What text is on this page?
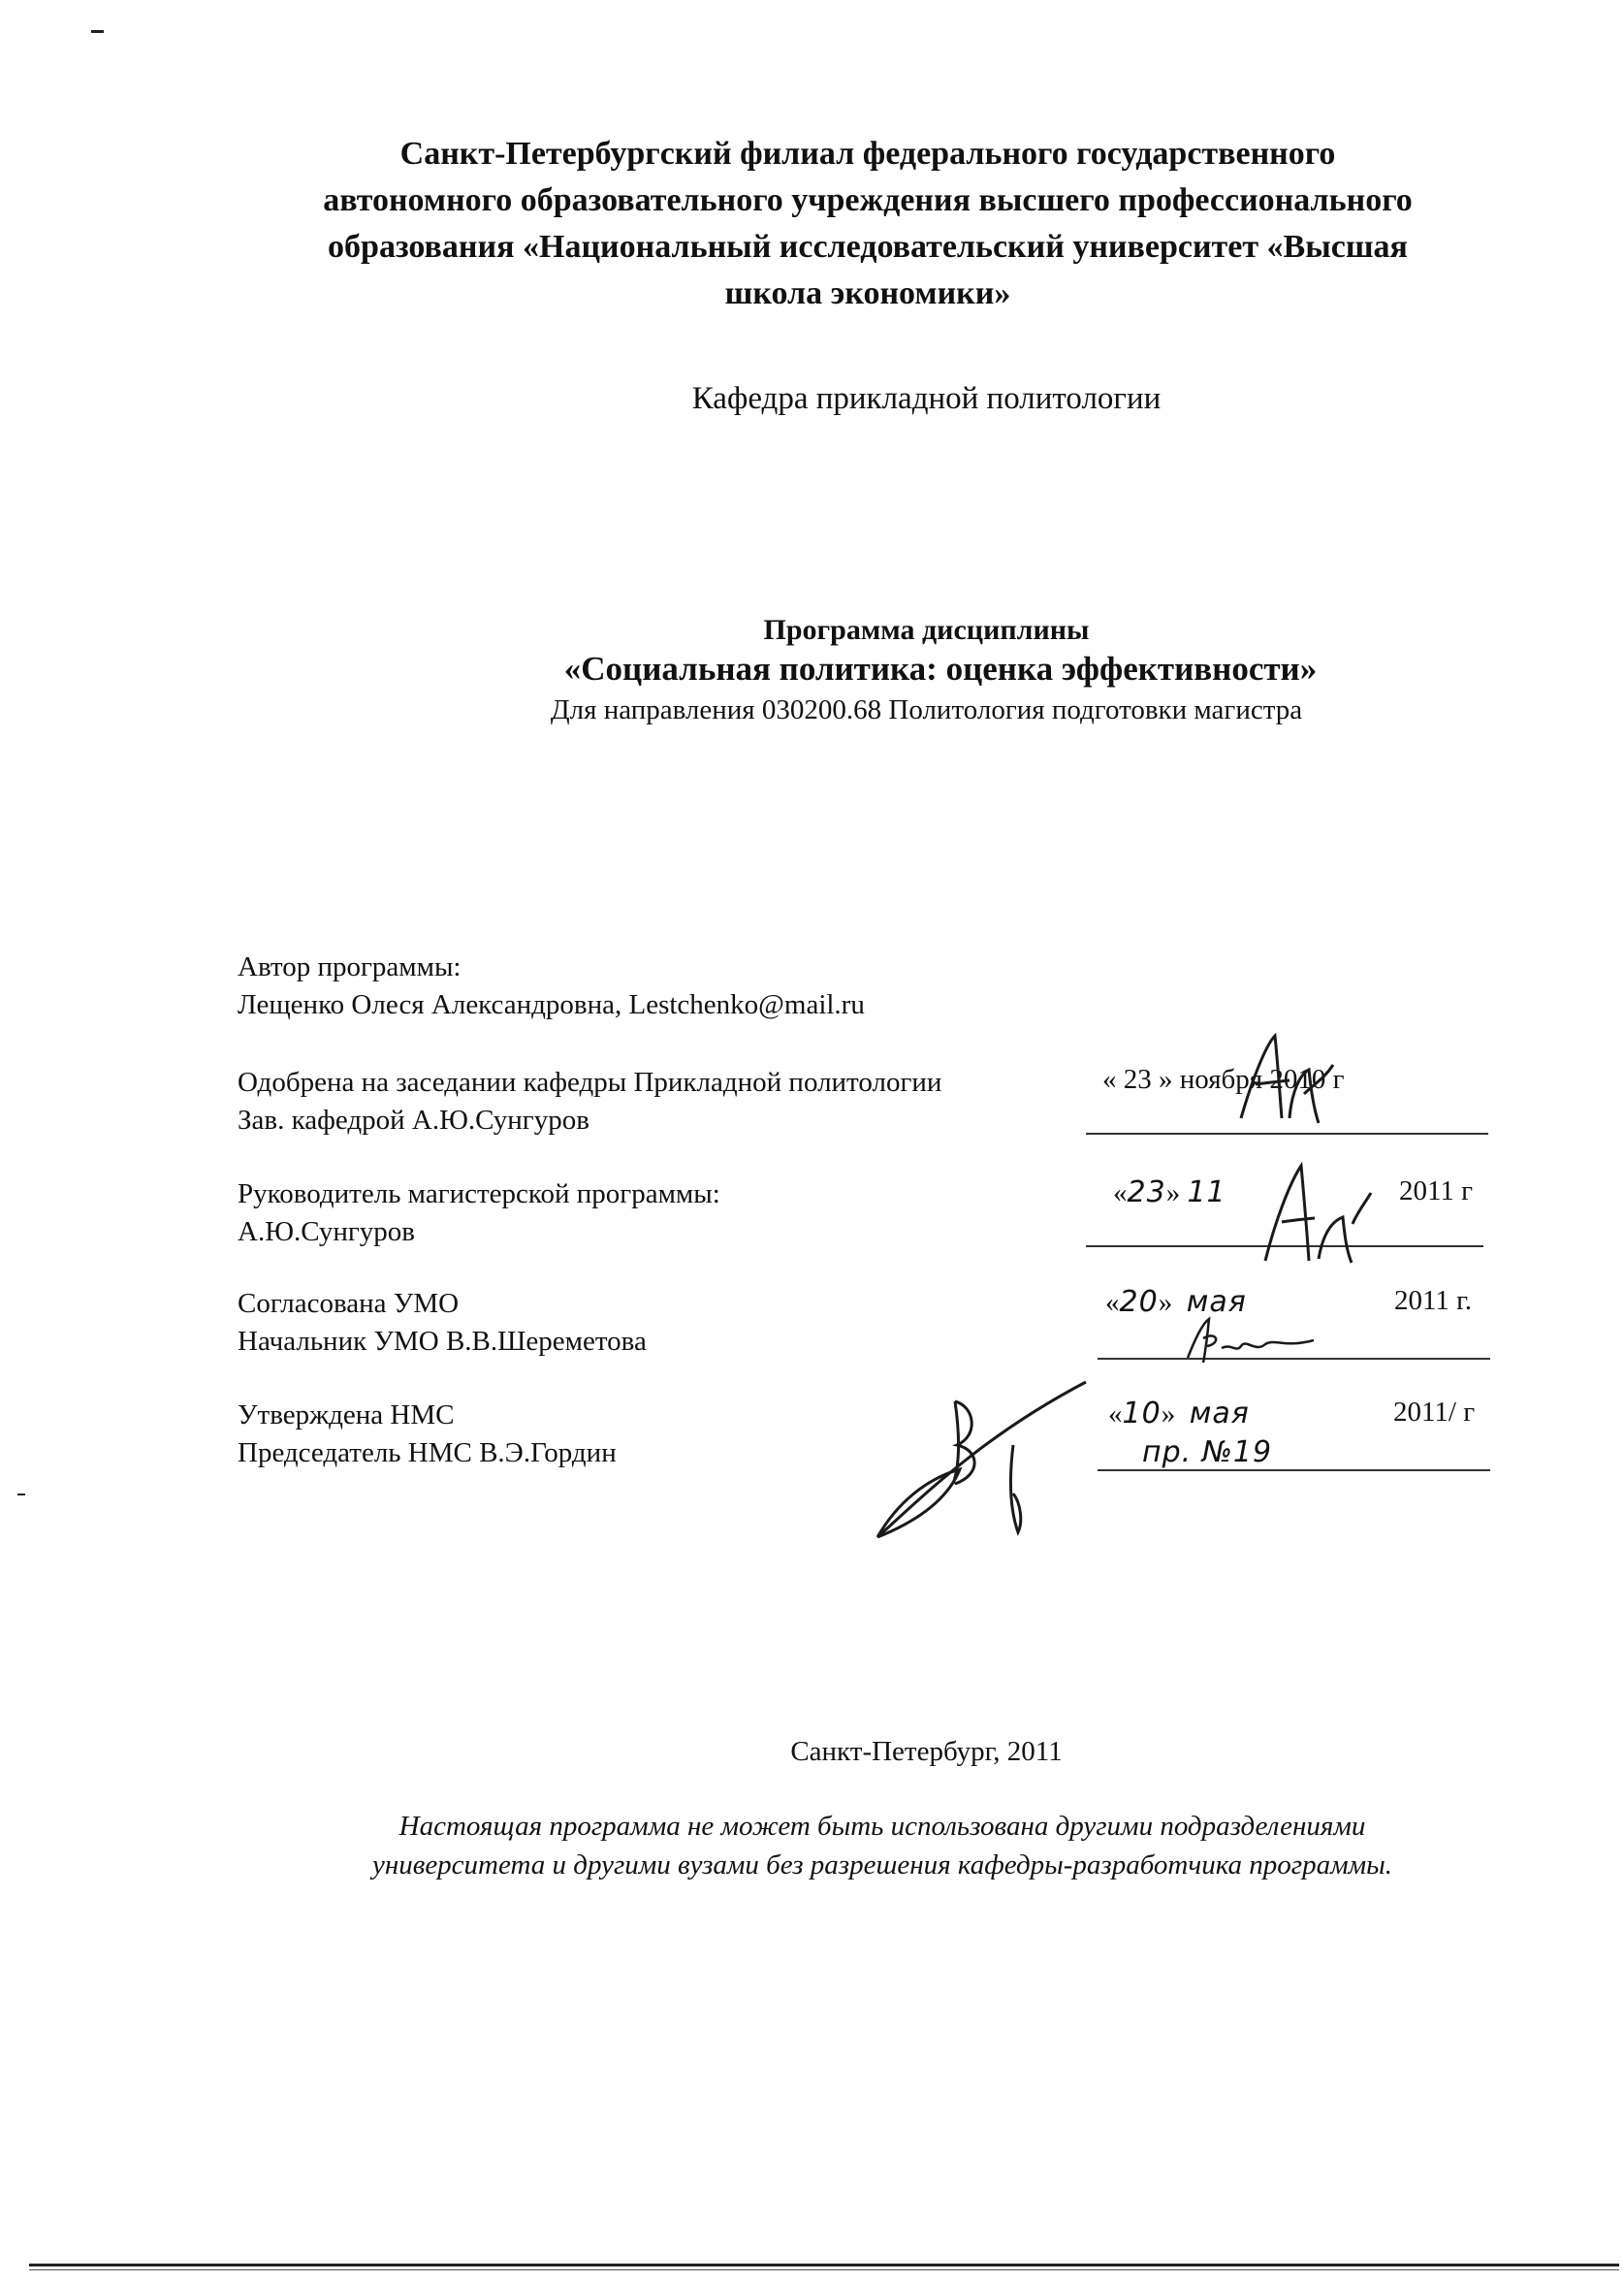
Санкт-Петербургский филиал федерального государственного
автономного образовательного учреждения высшего профессионального
образования «Национальный исследовательский университет «Высшая
школа экономики»
Кафедра прикладной политологии
Программа дисциплины
«Социальная политика: оценка эффективности»
Для направления 030200.68 Политология подготовки магистра
Автор программы:
Лещенко Олеся Александровна, Lestchenko@mail.ru
Одобрена на заседании кафедры Прикладной политологии
Зав. кафедрой А.Ю.Сунгуров
« 23 » ноября 2010 г
Руководитель магистерской программы:
А.Ю.Сунгуров
«23» 11	2011 г
Согласована УМО
Начальник УМО В.В.Шереметова
«20» мая	2011 г.
Утверждена НМС
Председатель НМС В.Э.Гордин
«10» мая	2011/ г
пр. №19
Санкт-Петербург, 2011
Настоящая программа не может быть использована другими подразделениями
университета и другими вузами без разрешения кафедры-разработчика программы.
